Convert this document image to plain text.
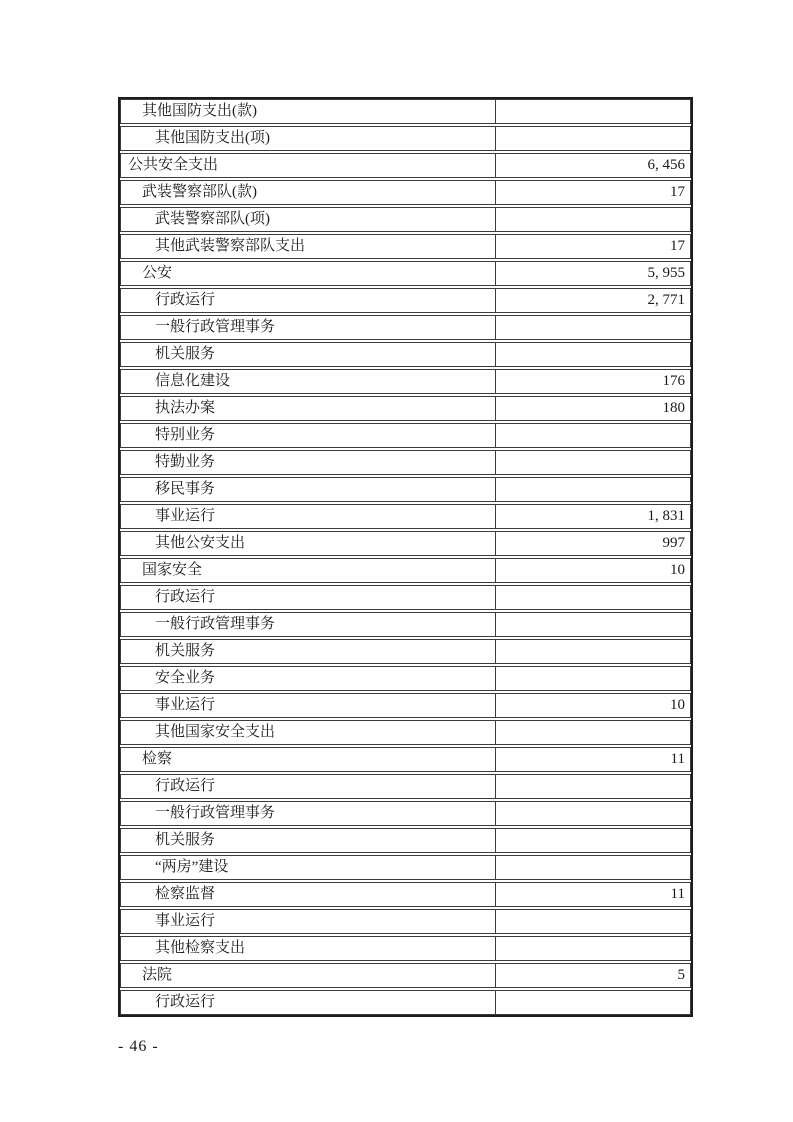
其他国防支出(款)
其他国防支出(项)
公共安全支出	6, 456
武装警察部队(款)	17
武装警察部队(项)
其他武装警察部队支出	17
公安	5, 955
行政运行	2, 771
一般行政管理事务
机关服务
信息化建设	176
执法办案	180
特别业务
特勤业务
移民事务
事业运行	1, 831
其他公安支出	997
国家安全	10
行政运行
一般行政管理事务
机关服务
安全业务
事业运行	10
其他国家安全支出
检察	11
行政运行
一般行政管理事务
机关服务
“两房”建设
检察监督	11
事业运行
其他检察支出
法院	5
行政运行
- 46 -
